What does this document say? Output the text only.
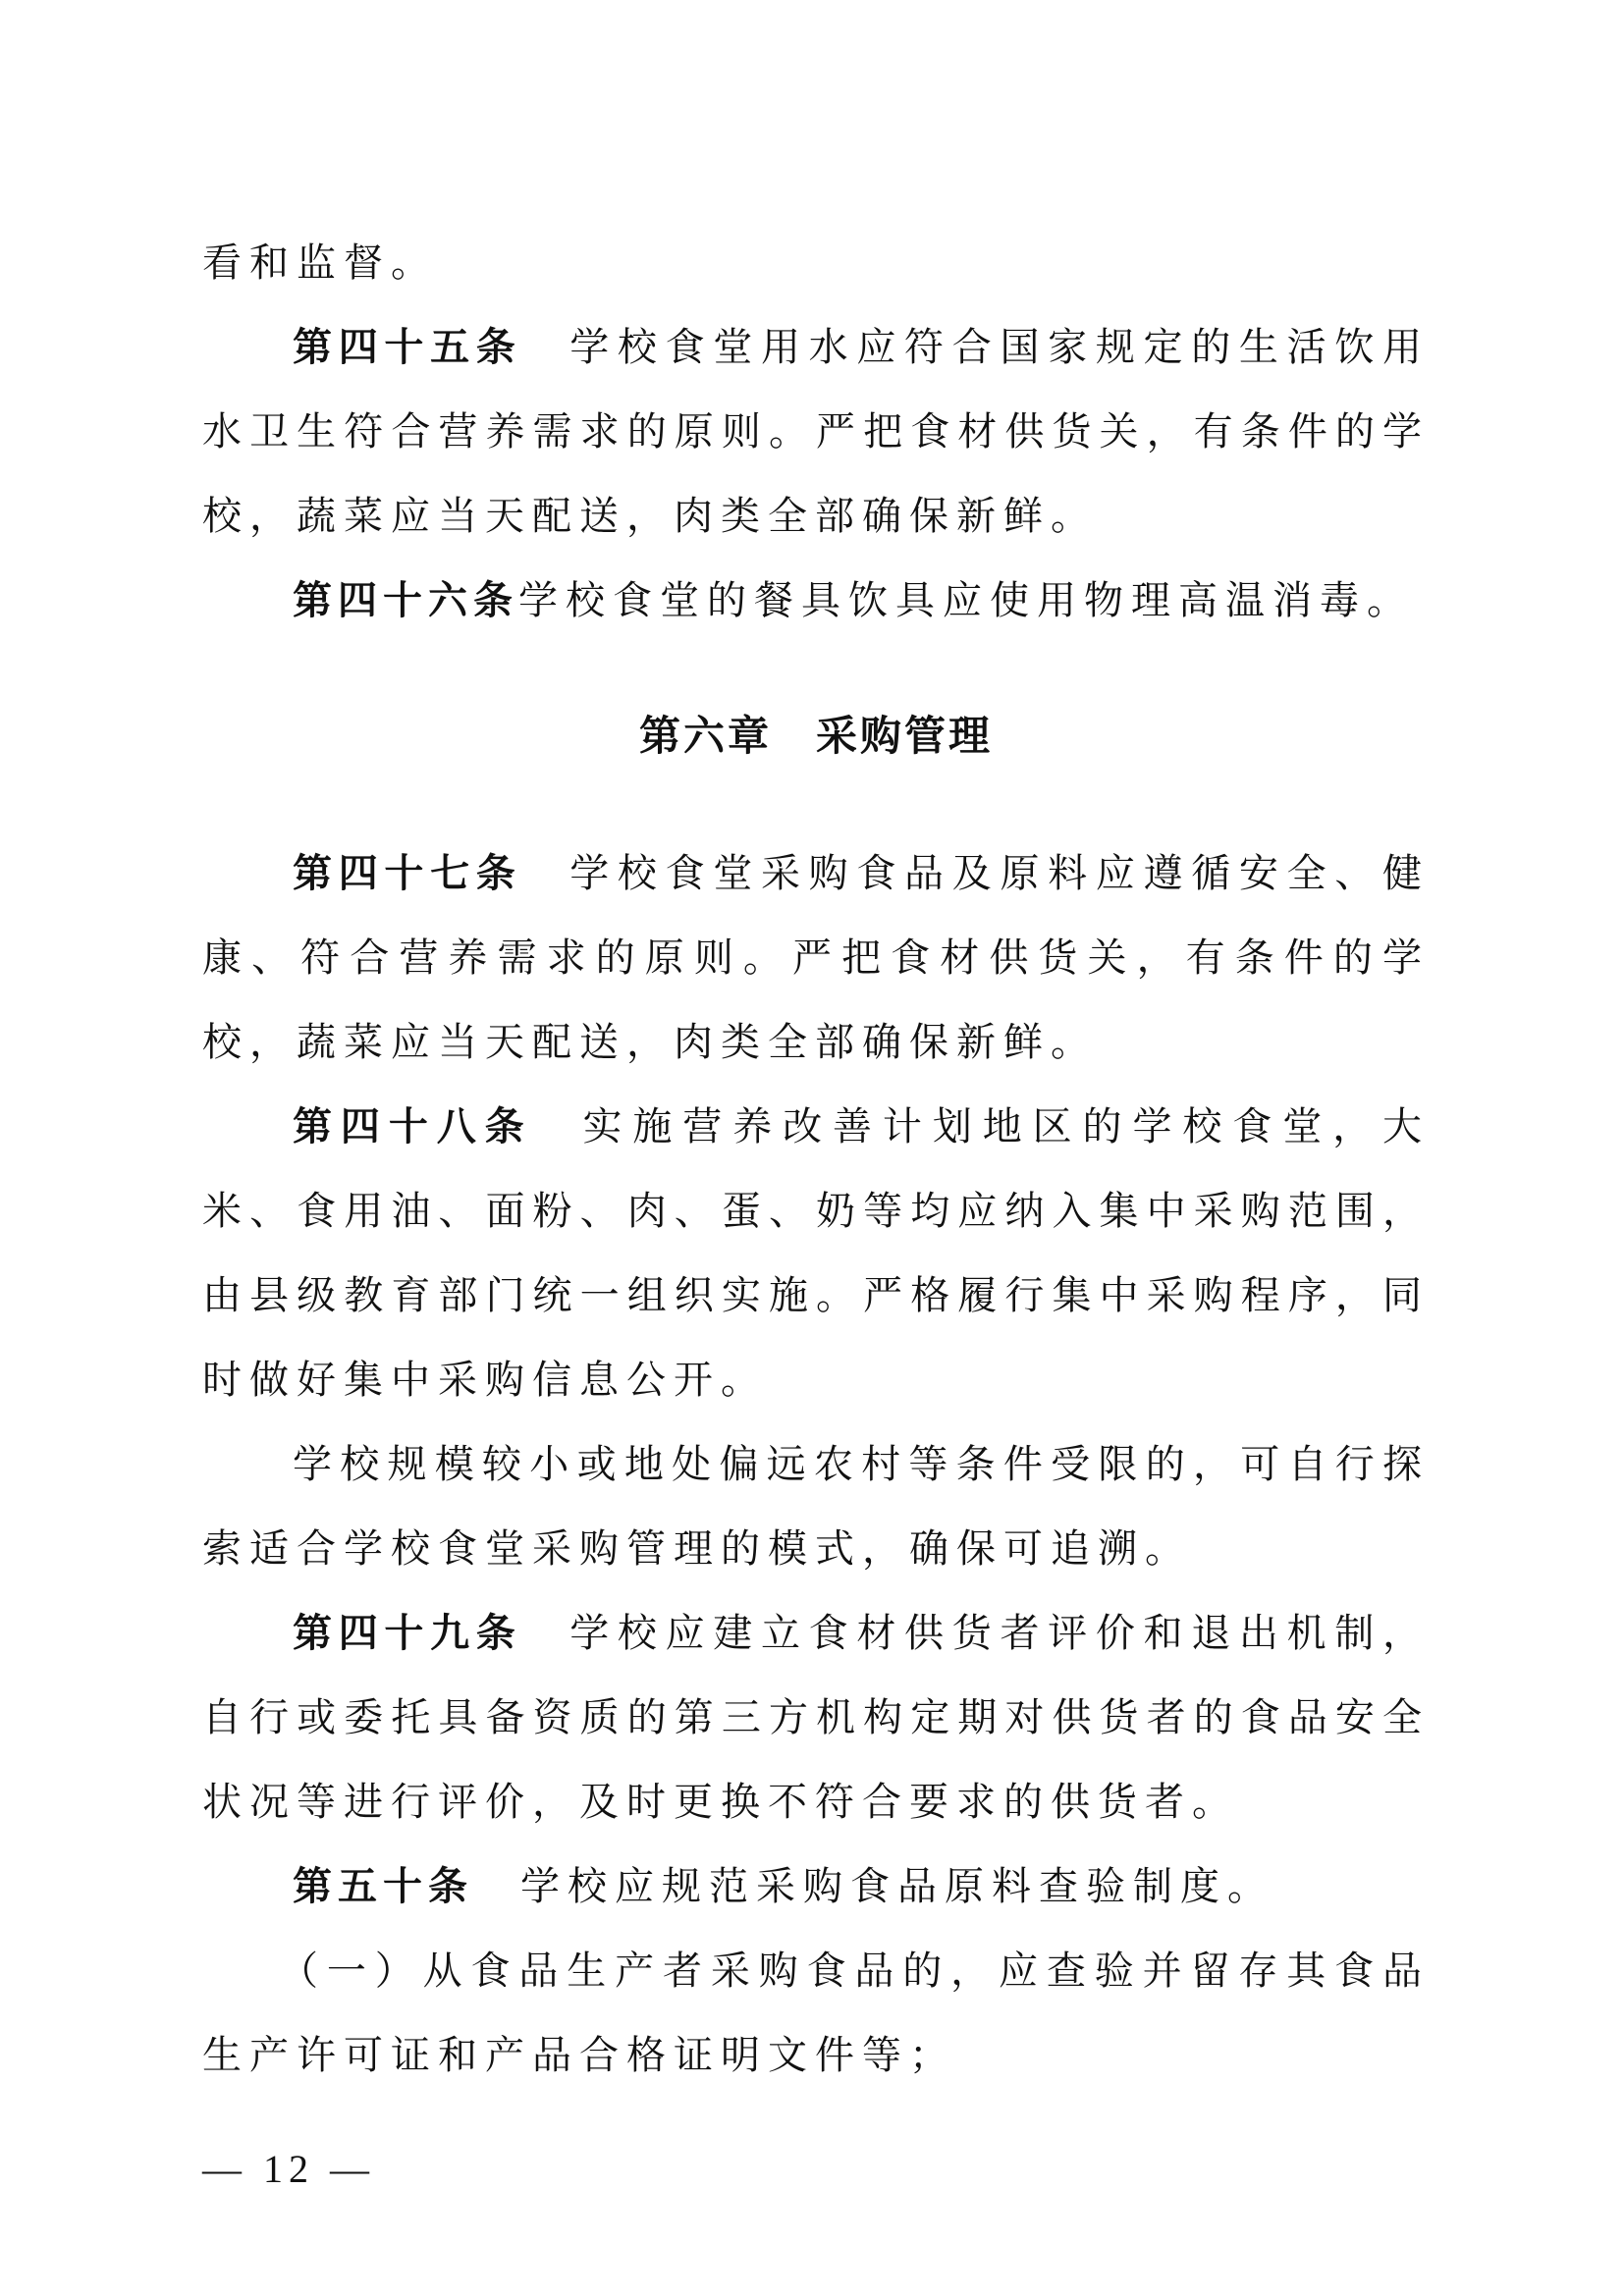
看和监督。

第四十五条　 学校食堂用水应符合国家规定的生活饮用水卫生符合营养需求的原则。严把食材供货关，有条件的学校，蔬菜应当天配送，肉类全部确保新鲜。

第四十六条学校食堂的餐具饮具应使用物理高温消毒。

第六章　采购管理

第四十七条　 学校食堂采购食品及原料应遵循安全、健康、符合营养需求的原则。严把食材供货关，有条件的学校，蔬菜应当天配送，肉类全部确保新鲜。

第四十八条　 实施营养改善计划地区的学校食堂，大米、食用油、面粉、肉、蛋、奶等均应纳入集中采购范围，由县级教育部门统一组织实施。严格履行集中采购程序，同时做好集中采购信息公开。

学校规模较小或地处偏远农村等条件受限的，可自行探索适合学校食堂采购管理的模式，确保可追溯。

第四十九条　 学校应建立食材供货者评价和退出机制，自行或委托具备资质的第三方机构定期对供货者的食品安全状况等进行评价，及时更换不符合要求的供货者。

第五十条　 学校应规范采购食品原料查验制度。

（一）从食品生产者采购食品的，应查验并留存其食品生产许可证和产品合格证明文件等；

— 12 —
